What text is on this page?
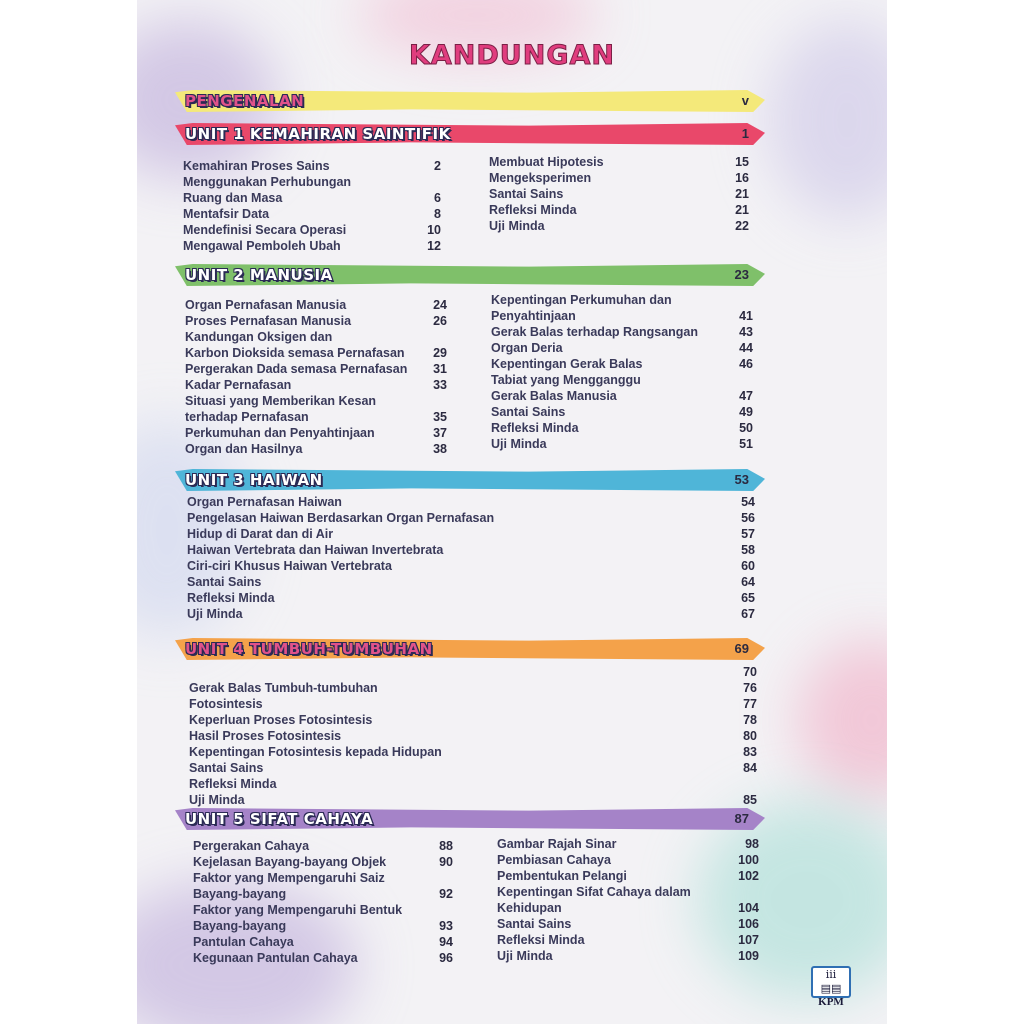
KANDUNGAN
PENGENALAN	v
UNIT 1 KEMAHIRAN SAINTIFIK	1
Kemahiran Proses Sains	2
Menggunakan Perhubungan
Ruang dan Masa	6
Mentafsir Data	8
Mendefinisi Secara Operasi	10
Mengawal Pemboleh Ubah	12
Membuat Hipotesis	15
Mengeksperimen	16
Santai Sains	21
Refleksi Minda	21
Uji Minda	22
UNIT 2 MANUSIA	23
Organ Pernafasan Manusia	24
Proses Pernafasan Manusia	26
Kandungan Oksigen dan
Karbon Dioksida semasa Pernafasan 29
Pergerakan Dada semasa Pernafasan 31
Kadar Pernafasan	33
Situasi yang Memberikan Kesan
terhadap Pernafasan	35
Perkumuhan dan Penyahtinjaan	37
Organ dan Hasilnya	38
Kepentingan Perkumuhan dan
Penyahtinjaan	41
Gerak Balas terhadap Rangsangan	43
Organ Deria	44
Kepentingan Gerak Balas	46
Tabiat yang Mengganggu
Gerak Balas Manusia	47
Santai Sains	49
Refleksi Minda	50
Uji Minda	51
UNIT 3 HAIWAN	53
Organ Pernafasan Haiwan	54
Pengelasan Haiwan Berdasarkan Organ Pernafasan	56
Hidup di Darat dan di Air	57
Haiwan Vertebrata dan Haiwan Invertebrata	58
Ciri-ciri Khusus Haiwan Vertebrata	60
Santai Sains	64
Refleksi Minda	65
Uji Minda	67
UNIT 4 TUMBUH-TUMBUHAN	69
70
Gerak Balas Tumbuh-tumbuhan	76
Fotosintesis	77
Keperluan Proses Fotosintesis	78
Hasil Proses Fotosintesis	80
Kepentingan Fotosintesis kepada Hidupan	83
Santai Sains	84
Refleksi Minda
Uji Minda	85
UNIT 5 SIFAT CAHAYA	87
Pergerakan Cahaya	88
Kejelasan Bayang-bayang Objek	90
Faktor yang Mempengaruhi Saiz
Bayang-bayang	92
Faktor yang Mempengaruhi Bentuk
Bayang-bayang	93
Pantulan Cahaya	94
Kegunaan Pantulan Cahaya	96
Gambar Rajah Sinar	98
Pembiasan Cahaya	100
Pembentukan Pelangi	102
Kepentingan Sifat Cahaya dalam
Kehidupan	104
Santai Sains	106
Refleksi Minda	107
Uji Minda	109
iii
▤▤
KPM
